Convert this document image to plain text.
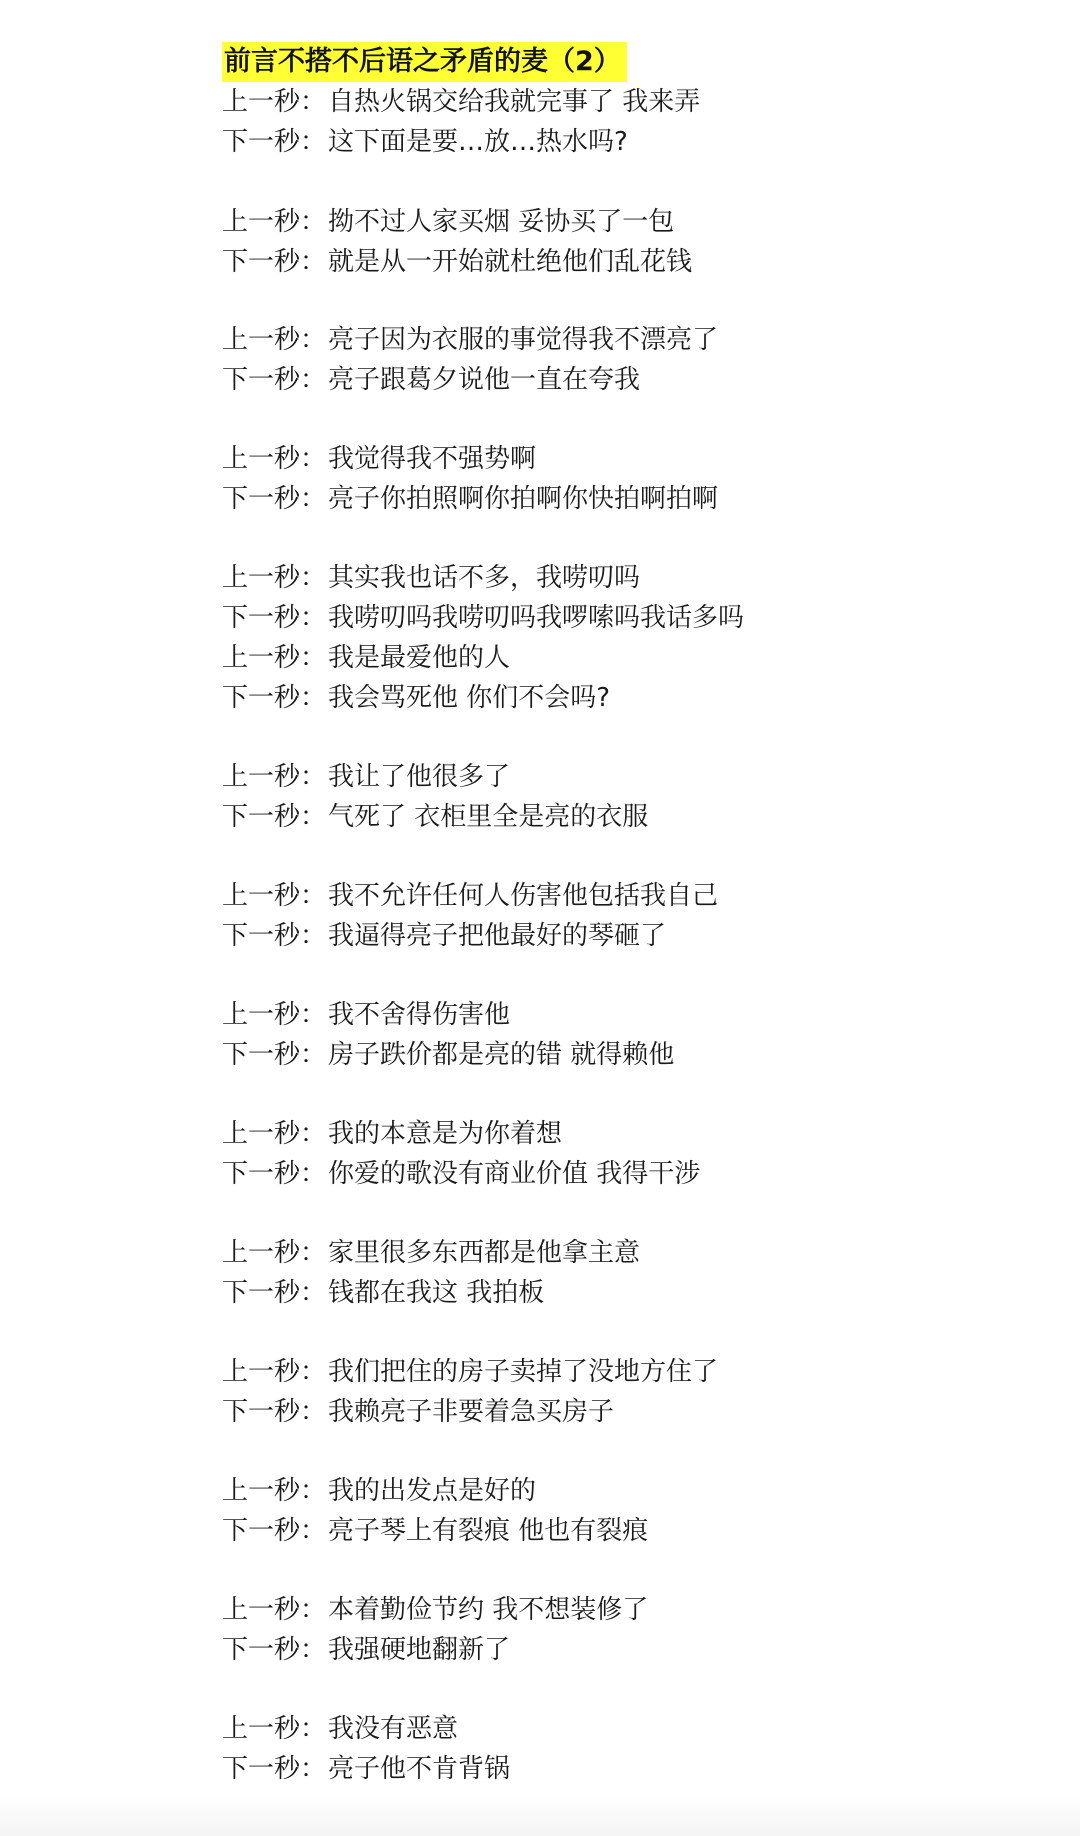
前言不搭不后语之矛盾的麦（2）
上一秒： 自热火锅交给我就完事了 我来弄
下一秒： 这下面是要…放…热水吗?
上一秒： 拗不过人家买烟 妥协买了一包
下一秒： 就是从一开始就杜绝他们乱花钱
上一秒： 亮子因为衣服的事觉得我不漂亮了
下一秒： 亮子跟葛夕说他一直在夸我
上一秒： 我觉得我不强势啊
下一秒： 亮子你拍照啊你拍啊你快拍啊拍啊
上一秒： 其实我也话不多，我唠叨吗
下一秒： 我唠叨吗我唠叨吗我啰嗦吗我话多吗
上一秒： 我是最爱他的人
下一秒： 我会骂死他 你们不会吗?
上一秒： 我让了他很多了
下一秒： 气死了 衣柜里全是亮的衣服
上一秒： 我不允许任何人伤害他包括我自己
下一秒： 我逼得亮子把他最好的琴砸了
上一秒： 我不舍得伤害他
下一秒： 房子跌价都是亮的错 就得赖他
上一秒： 我的本意是为你着想
下一秒： 你爱的歌没有商业价值 我得干涉
上一秒： 家里很多东西都是他拿主意
下一秒： 钱都在我这 我拍板
上一秒： 我们把住的房子卖掉了没地方住了
下一秒： 我赖亮子非要着急买房子
上一秒： 我的出发点是好的
下一秒： 亮子琴上有裂痕 他也有裂痕
上一秒： 本着勤俭节约 我不想装修了
下一秒： 我强硬地翻新了
上一秒： 我没有恶意
下一秒： 亮子他不肯背锅
